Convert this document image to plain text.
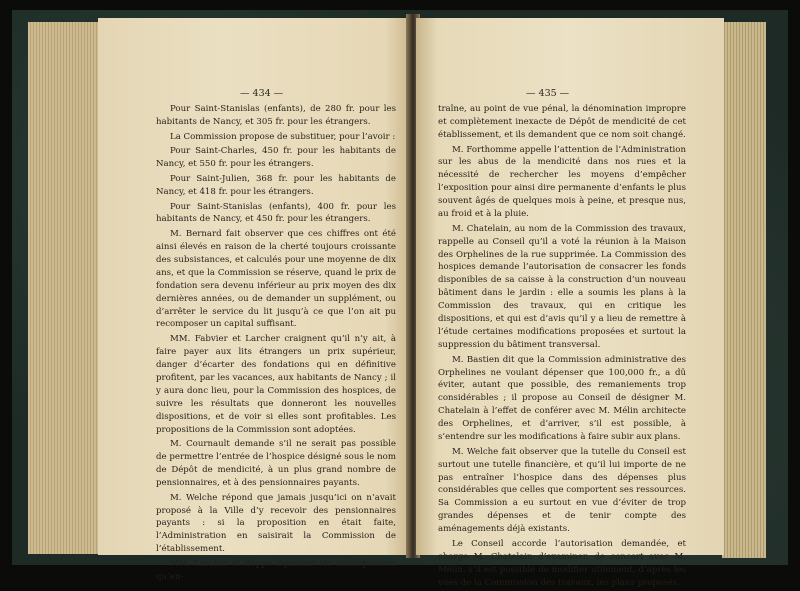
— 434 —

Pour Saint-Stanislas (enfants), de 280 fr. pour les habitants de Nancy, et 305 fr. pour les étrangers.

La Commission propose de substituer, pour l’avoir :

Pour Saint-Charles, 450 fr. pour les habitants de Nancy, et 550 fr. pour les étrangers.

Pour Saint-Julien, 368 fr. pour les habitants de Nancy, et 418 fr. pour les étrangers.

Pour Saint-Stanislas (enfants), 400 fr. pour les habitants de Nancy, et 450 fr. pour les étrangers.

M. Bernard fait observer que ces chiffres ont été ainsi élevés en raison de la cherté toujours croissante des subsistances, et calculés pour une moyenne de dix ans, et que la Commission se réserve, quand le prix de fondation sera devenu inférieur au prix moyen des dix dernières années, ou de demander un supplément, ou d’arrêter le service du lit jusqu’à ce que l’on ait pu recomposer un capital suffisant.

MM. Fabvier et Larcher craignent qu’il n’y ait, à faire payer aux lits étrangers un prix supérieur, danger d’écarter des fondations qui en définitive profitent, par les vacances, aux habitants de Nancy ; il y aura donc lieu, pour la Commission des hospices, de suivre les résultats que donneront les nouvelles dispositions, et de voir si elles sont profitables. Les propositions de la Commission sont adoptées.

M. Cournault demande s’il ne serait pas possible de permettre l’entrée de l’hospice désigné sous le nom de Dépôt de mendicité, à un plus grand nombre de pensionnaires, et à des pensionnaires payants.

M. Welche répond que jamais jusqu’ici on n’avait proposé à la Ville d’y recevoir des pensionnaires payants : si la proposition en était faite, l’Administration en saisirait la Commission de l’établissement.

MM. Larcher et Boppe signalent les conséquences qu’en-

— 435 —

traîne, au point de vue pénal, la dénomination impropre et complètement inexacte de Dépôt de mendicité de cet établissement, et ils demandent que ce nom soit changé.

M. Forthomme appelle l’attention de l’Administration sur les abus de la mendicité dans nos rues et la nécessité de rechercher les moyens d’empêcher l’exposition pour ainsi dire permanente d’enfants le plus souvent âgés de quelques mois à peine, et presque nus, au froid et à la pluie.

M. Chatelain, au nom de la Commission des travaux, rappelle au Conseil qu’il a voté la réunion à la Maison des Orphelines de la rue supprimée. La Commission des hospices demande l’autorisation de consacrer les fonds disponibles de sa caisse à la construction d’un nouveau bâtiment dans le jardin : elle a soumis les plans à la Commission des travaux, qui en critique les dispositions, et qui est d’avis qu’il y a lieu de remettre à l’étude certaines modifications proposées et surtout la suppression du bâtiment transversal.

M. Bastien dit que la Commission administrative des Orphelines ne voulant dépenser que 100,000 fr., a dû éviter, autant que possible, des remaniements trop considérables ; il propose au Conseil de désigner M. Chatelain à l’effet de conférer avec M. Mélin architecte des Orphelines, et d’arriver, s’il est possible, à s’entendre sur les modifications à faire subir aux plans.

M. Welche fait observer que la tutelle du Conseil est surtout une tutelle financière, et qu’il lui importe de ne pas entraîner l’hospice dans des dépenses plus considérables que celles que comportent ses ressources. Sa Commission a eu surtout en vue d’éviter de trop grandes dépenses et de tenir compte des aménagements déjà existants.

Le Conseil accorde l’autorisation demandée, et charge M. Chatelain d’examiner, de concert avec M. Mélin, s’il est possible de modifier utilement, d’après les vues de la Commission des travaux, les plans proposés.
